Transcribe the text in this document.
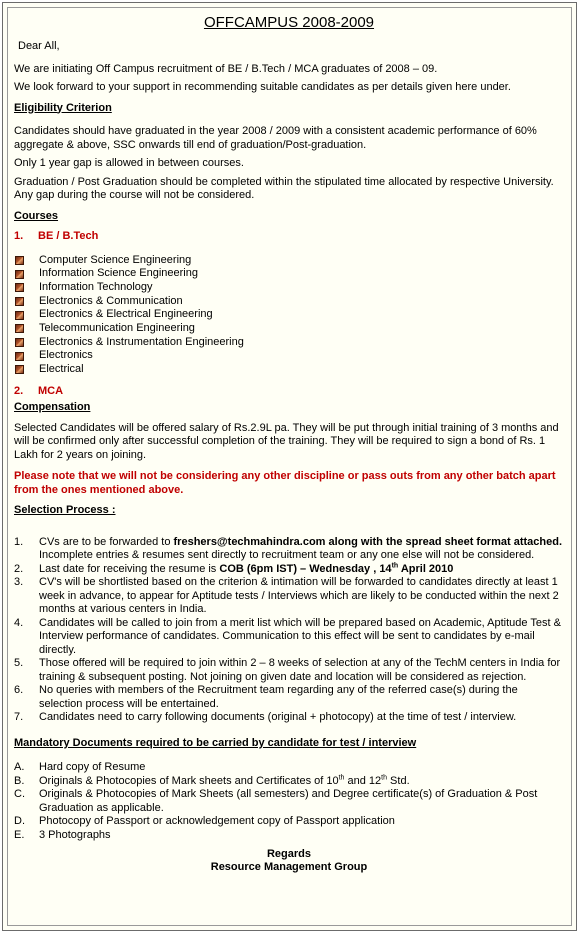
OFFCAMPUS 2008-2009

Dear All,

We are initiating Off Campus recruitment of BE / B.Tech / MCA graduates of 2008 – 09.

We look forward to your support in recommending suitable candidates as per details given here under.

Eligibility Criterion

Candidates should have graduated in the year 2008 / 2009 with a consistent academic performance of 60% aggregate & above, SSC onwards till end of graduation/Post-graduation.

Only 1 year gap is allowed in between courses.

Graduation / Post Graduation should be completed within the stipulated time allocated by respective University. Any gap during the course will not be considered.

Courses
1. BE / B.Tech
Computer Science Engineering
Information Science Engineering
Information Technology
Electronics & Communication
Electronics & Electrical Engineering
Telecommunication Engineering
Electronics & Instrumentation Engineering
Electronics
Electrical
2. MCA
Compensation

Selected Candidates will be offered salary of Rs.2.9L pa. They will be put through initial training of 3 months and will be confirmed only after successful completion of the training. They will be required to sign a bond of Rs. 1 Lakh for 2 years on joining.

Please note that we will not be considering any other discipline or pass outs from any other batch apart from the ones mentioned above.

Selection Process :
1.	CVs are to be forwarded to freshers@techmahindra.com along with the spread sheet format attached. Incomplete entries & resumes sent directly to recruitment team or any one else will not be considered.
2.	Last date for receiving the resume is COB (6pm IST) – Wednesday , 14th April 2010
3.	CV's will be shortlisted based on the criterion & intimation will be forwarded to candidates directly at least 1 week in advance, to appear for Aptitude tests / Interviews which are likely to be conducted within the next 2 months at various centers in India.
4.	Candidates will be called to join from a merit list which will be prepared based on Academic, Aptitude Test & Interview performance of candidates. Communication to this effect will be sent to candidates by e-mail directly.
5.	Those offered will be required to join within 2 – 8 weeks of selection at any of the TechM centers in India for training & subsequent posting. Not joining on given date and location will be considered as rejection.
6.	No queries with members of the Recruitment team regarding any of the referred case(s) during the selection process will be entertained.
7.	Candidates need to carry following documents (original + photocopy) at the time of test / interview.
Mandatory Documents required to be carried by candidate for test / interview
A.	Hard copy of Resume
B.	Originals & Photocopies of Mark sheets and Certificates of 10th and 12th Std.
C.	Originals & Photocopies of Mark Sheets (all semesters) and Degree certificate(s) of Graduation & Post Graduation as applicable.
D.	Photocopy of Passport or acknowledgement copy of Passport application
E.	3 Photographs
Regards
Resource Management Group
